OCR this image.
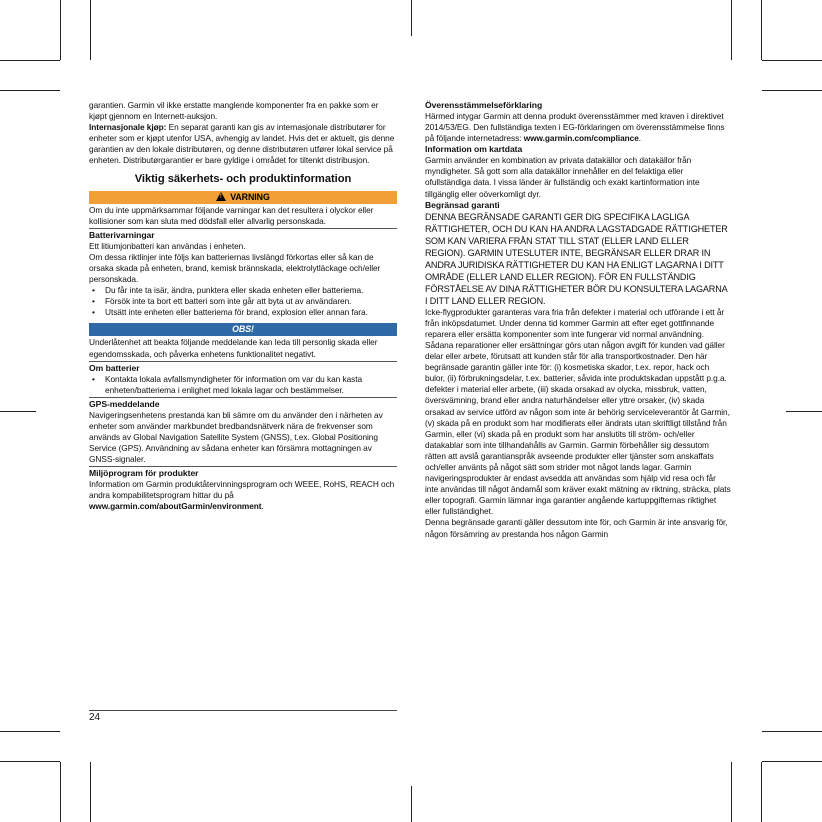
garantien. Garmin vil ikke erstatte manglende komponenter fra en pakke som er kjøpt gjennom en Internett-auksjon.

Internasjonale kjøp: En separat garanti kan gis av internasjonale distributører for enheter som er kjøpt utenfor USA, avhengig av landet. Hvis det er aktuelt, gis denne garantien av den lokale distributøren, og denne distributøren utfører lokal service på enheten. Distributørgarantier er bare gyldige i området for tiltenkt distribusjon.

Viktig säkerhets- och produktinformation
!VARNING

Om du inte uppmärksammar följande varningar kan det resultera i olyckor eller kollisioner som kan sluta med dödsfall eller allvarlig personskada.

Batterivarningar

Ett litiumjonbatteri kan användas i enheten.

Om dessa riktlinjer inte följs kan batteriernas livslängd förkortas eller så kan de orsaka skada på enheten, brand, kemisk brännskada, elektrolytläckage och/eller personskada.

• Du får inte ta isär, ändra, punktera eller skada enheten eller batteriema.
• Försök inte ta bort ett batteri som inte går att byta ut av användaren.
• Utsätt inte enheten eller batteriema för brand, explosion eller annan fara.
OBS!

Underlåtenhet att beakta följande meddelande kan leda till personlig skada eller egendomsskada, och påverka enhetens funktionalitet negativt.

Om batterier
• Kontakta lokala avfallsmyndigheter för information om var du kan kasta enheten/batteriema i enlighet med lokala lagar och bestämmelser.
GPS-meddelande

Navigeringsenhetens prestanda kan bli sämre om du använder den i närheten av enheter som använder markbundet bredbandsnätverk nära de frekvenser som används av Global Navigation Satellite System (GNSS), t.ex. Global Positioning Service (GPS). Användning av sådana enheter kan försämra mottagningen av GNSS-signaler.

Miljöprogram för produkter

Information om Garmin produktåtervinningsprogram och WEEE, RoHS, REACH och andra kompabilitetsprogram hittar du på www.garmin.com/aboutGarmin/environment.

24
Överensstämmelseförklaring

Härmed intygar Garmin att denna produkt överensstämmer med kraven i direktivet 2014/53/EG. Den fullständiga texten i EG-förklaringen om överensstämmelse finns på följande internetadress: www.garmin.com/compliance.

Information om kartdata

Garmin använder en kombination av privata datakällor och datakällor från myndigheter. Så gott som alla datakällor innehåller en del felaktiga eller ofullständiga data. I vissa länder är fullständig och exakt kartinformation inte tillgänglig eller oöverkomligt dyr.

Begränsad garanti

DENNA BEGRÄNSADE GARANTI GER DIG SPECIFIKA LAGLIGA RÄTTIGHETER, OCH DU KAN HA ANDRA LAGSTADGADE RÄTTIGHETER SOM KAN VARIERA FRÅN STAT TILL STAT (ELLER LAND ELLER REGION). GARMIN UTESLUTER INTE, BEGRÄNSAR ELLER DRAR IN ANDRA JURIDISKA RÄTTIGHETER DU KAN HA ENLIGT LAGARNA I DITT OMRÅDE (ELLER LAND ELLER REGION). FÖR EN FULLSTÄNDIG FÖRSTÅELSE AV DINA RÄTTIGHETER BÖR DU KONSULTERA LAGARNA I DITT LAND ELLER REGION.

Icke-flygprodukter garanteras vara fria från defekter i material och utförande i ett år från inköpsdatumet. Under denna tid kommer Garmin att efter eget gottfinnande reparera eller ersätta komponenter som inte fungerar vid normal användning. Sådana reparationer eller ersättningar görs utan någon avgift för kunden vad gäller delar eller arbete, förutsatt att kunden står för alla transportkostnader. Den här begränsade garantin gäller inte för: (i) kosmetiska skador, t.ex. repor, hack och bulor, (ii) förbrukningsdelar, t.ex. batterier, såvida inte produktskadan uppstått p.g.a. defekter i material eller arbete, (iii) skada orsakad av olycka, missbruk, vatten, översvämning, brand eller andra naturhändelser eller yttre orsaker, (iv) skada orsakad av service utförd av någon som inte är behörig serviceleverantör åt Garmin, (v) skada på en produkt som har modifierats eller ändrats utan skriftligt tillstånd från Garmin, eller (vi) skada på en produkt som har anslutits till ström- och/eller datakablar som inte tillhandahålls av Garmin. Garmin förbehåller sig dessutom rätten att avslå garantianspråk avseende produkter eller tjänster som anskaffats och/eller använts på något sätt som strider mot något lands lagar. Garmin navigeringsprodukter är endast avsedda att användas som hjälp vid resa och får inte användas till något ändamål som kräver exakt mätning av riktning, sträcka, plats eller topografi. Garmin lämnar inga garantier angående kartuppgifternas riktighet eller fullständighet.

Denna begränsade garanti gäller dessutom inte för, och Garmin är inte ansvarig för, någon försämring av prestanda hos någon Garmin
